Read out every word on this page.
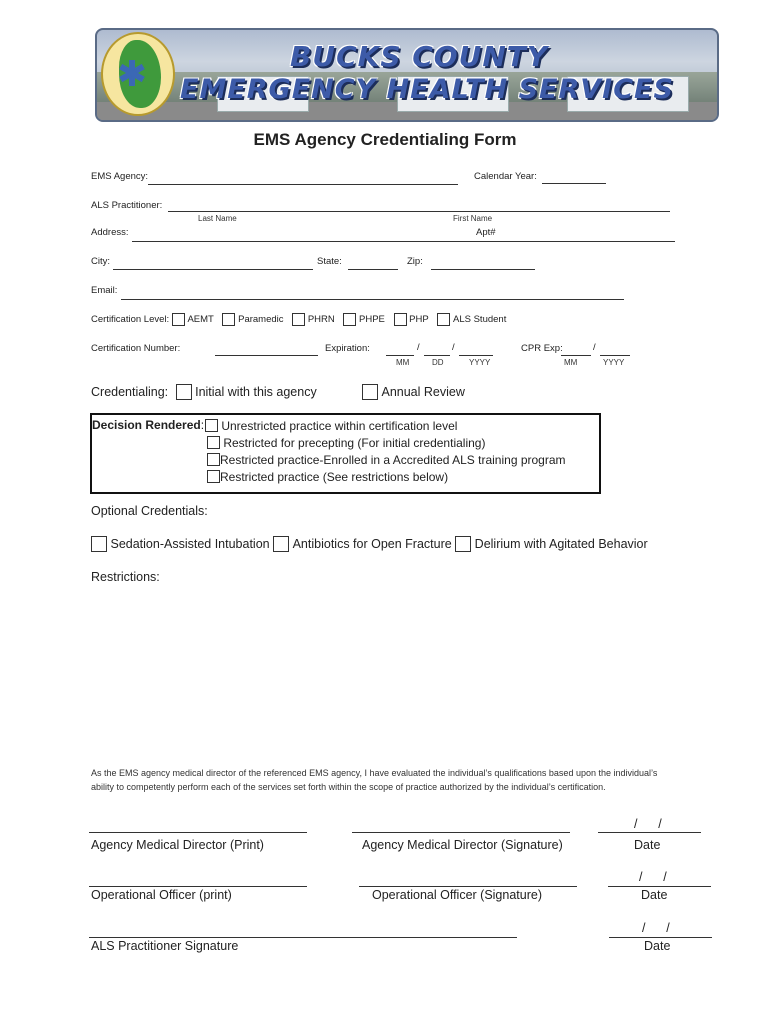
BUCKS COUNTY
EMERGENCY HEALTH SERVICES
EMS Agency Credentialing Form
EMS Agency:	Calendar Year:
ALS Practitioner:
Last Name	First Name
Address:	Apt#
City:	State:	Zip:
Email:
Certification Level: AEMT	Paramedic	PHRN	PHPE	PHP	ALS Student
Certification Number:	Expiration:	/	/
MM	DD	YYYY
CPR Exp:	/
MM	YYYY
Credentialing: Initial with this agency	Annual Review
Decision Rendered:	Unrestricted practice within certification level
Restricted for precepting (For initial credentialing)
Restricted practice-Enrolled in a Accredited ALS training program
Restricted practice (See restrictions below)
Optional Credentials:
Sedation-Assisted Intubation Antibiotics for Open Fracture Delirium with Agitated Behavior
Restrictions:
As the EMS agency medical director of the referenced EMS agency, I have evaluated the individual’s qualifications based upon the individual’s ability to competently perform each of the services set forth within the scope of practice authorized by the individual’s certification.
Agency Medical Director (Print)	Agency Medical Director (Signature)
/      /
Date
Operational Officer (print)	Operational Officer (Signature)
/      /
Date
ALS Practitioner Signature
/      /
Date
